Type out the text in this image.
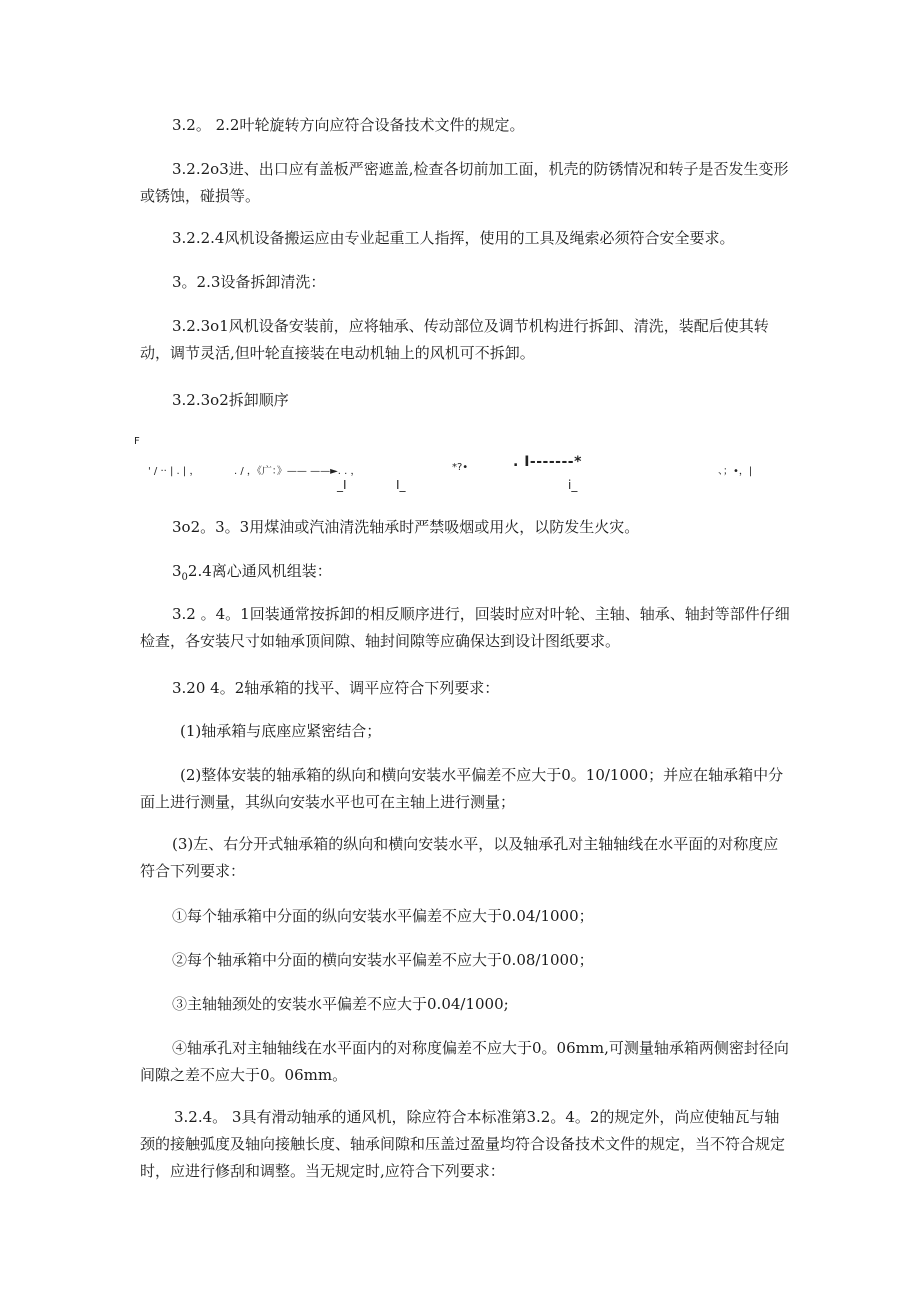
3.2。 2.2叶轮旋转方向应符合设备技术文件的规定。

3.2.2o3进、出口应有盖板严密遮盖,检查各切前加工面，机壳的防锈情况和转子是否发生变形或锈蚀，碰损等。

3.2.2.4风机设备搬运应由专业起重工人指挥，使用的工具及绳索必须符合安全要求。

3。2.3设备拆卸清洗：

3.2.3o1风机设备安装前，应将轴承、传动部位及调节机构进行拆卸、清洗，装配后使其转动，调节灵活,但叶轮直接装在电动机轴上的风机可不拆卸。

3.2.3o2拆卸顺序

F
' / ·· | . | ，	. / ，《广：》—— ——►. . ，	*?•	. I-------*
、；•，|
_I	I_	i_

3o2。3。3用煤油或汽油清洗轴承时严禁吸烟或用火，以防发生火灾。

$3_02.4$离心通风机组装：

3.2 。4。1回装通常按拆卸的相反顺序进行，回装时应对叶轮、主轴、轴承、轴封等部件仔细检查，各安装尺寸如轴承顶间隙、轴封间隙等应确保达到设计图纸要求。

3.20 4。2轴承箱的找平、调平应符合下列要求：

(1)轴承箱与底座应紧密结合；

(2)整体安装的轴承箱的纵向和横向安装水平偏差不应大于0。10/1000；并应在轴承箱中分面上进行测量，其纵向安装水平也可在主轴上进行测量；

(3)左、右分开式轴承箱的纵向和横向安装水平，以及轴承孔对主轴轴线在水平面的对称度应符合下列要求：

①每个轴承箱中分面的纵向安装水平偏差不应大于0.04/1000；

②每个轴承箱中分面的横向安装水平偏差不应大于0.08/1000；

③主轴轴颈处的安装水平偏差不应大于0.04/1000;

④轴承孔对主轴轴线在水平面内的对称度偏差不应大于0。06mm,可测量轴承箱两侧密封径向间隙之差不应大于0。06mm。

3.2.4。 3具有滑动轴承的通风机，除应符合本标准第3.2。4。2的规定外，尚应使轴瓦与轴颈的接触弧度及轴向接触长度、轴承间隙和压盖过盈量均符合设备技术文件的规定，当不符合规定时，应进行修刮和调整。当无规定时,应符合下列要求：
